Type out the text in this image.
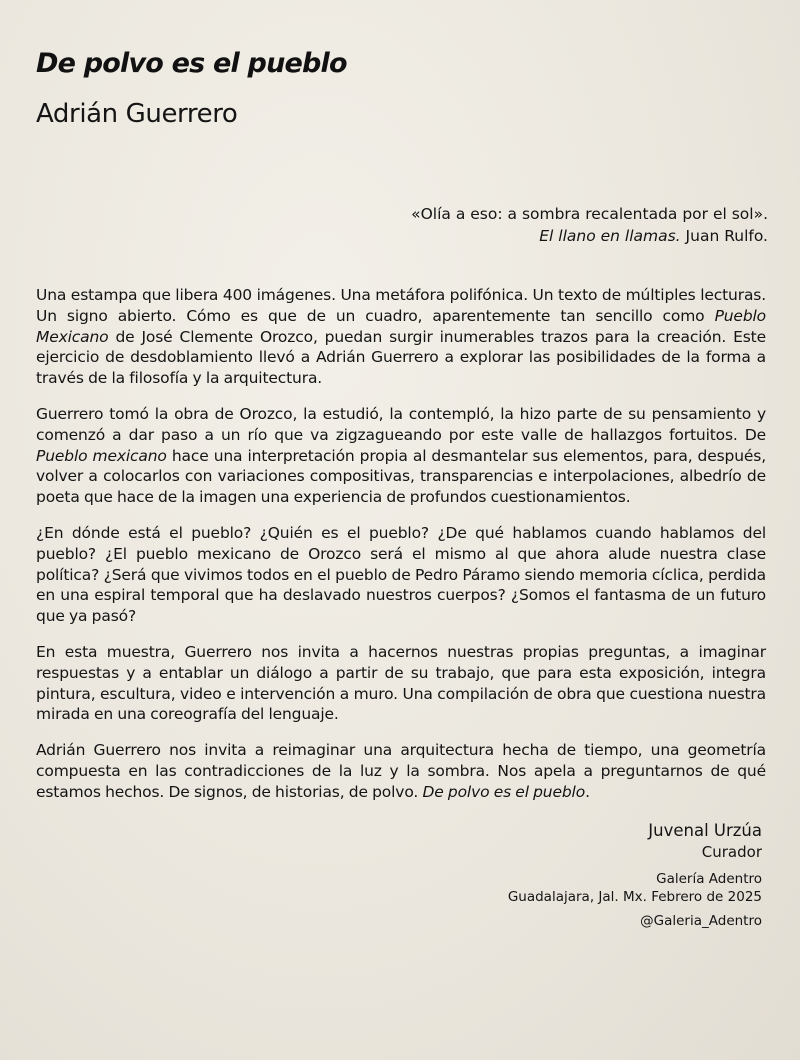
De polvo es el pueblo
Adrián Guerrero
«Olía a eso: a sombra recalentada por el sol».
El llano en llamas. Juan Rulfo.

Una estampa que libera 400 imágenes. Una metáfora polifónica. Un texto de múltiples lecturas. Un signo abierto. Cómo es que de un cuadro, aparentemente tan sencillo como Pueblo Mexicano de José Clemente Orozco, puedan surgir inumerables trazos para la creación. Este ejercicio de desdoblamiento llevó a Adrián Guerrero a explorar las posibilidades de la forma a través de la filosofía y la arquitectura.

Guerrero tomó la obra de Orozco, la estudió, la contempló, la hizo parte de su pensamiento y comenzó a dar paso a un río que va zigzagueando por este valle de hallazgos fortuitos. De Pueblo mexicano hace una interpretación propia al desmantelar sus elementos, para, después, volver a colocarlos con variaciones compositivas, transparencias e interpolaciones, albedrío de poeta que hace de la imagen una experiencia de profundos cuestionamientos.

¿En dónde está el pueblo? ¿Quién es el pueblo? ¿De qué hablamos cuando hablamos del pueblo? ¿El pueblo mexicano de Orozco será el mismo al que ahora alude nuestra clase política? ¿Será que vivimos todos en el pueblo de Pedro Páramo siendo memoria cíclica, perdida en una espiral temporal que ha deslavado nuestros cuerpos? ¿Somos el fantasma de un futuro que ya pasó?

En esta muestra, Guerrero nos invita a hacernos nuestras propias preguntas, a imaginar respuestas y a entablar un diálogo a partir de su trabajo, que para esta exposición, integra pintura, escultura, video e intervención a muro. Una compilación de obra que cuestiona nuestra mirada en una coreografía del lenguaje.

Adrián Guerrero nos invita a reimaginar una arquitectura hecha de tiempo, una geometría compuesta en las contradicciones de la luz y la sombra. Nos apela a preguntarnos de qué estamos hechos. De signos, de historias, de polvo. De polvo es el pueblo.

Juvenal Urzúa
Curador
Galería Adentro
Guadalajara, Jal. Mx. Febrero de 2025
@Galeria_Adentro
